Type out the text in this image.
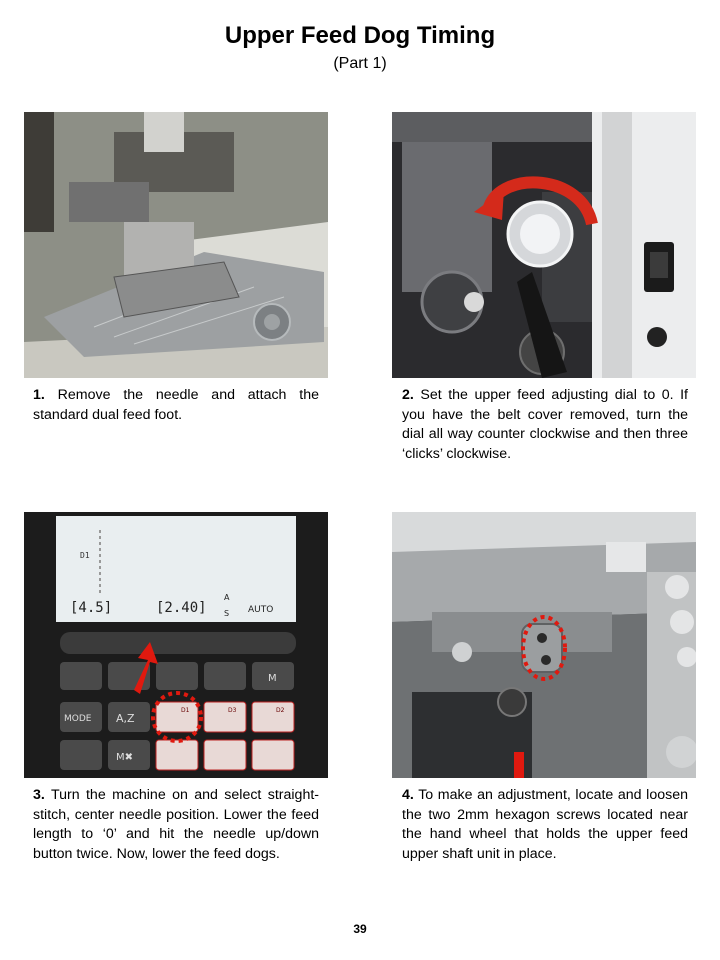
Upper Feed Dog Timing
(Part 1)
D1
[4.5]	[2.40]
A
S AUTO
M
MODE A,Z
D1	D3	D2
M✖
1. Remove the needle and attach the standard dual feed foot.
2. Set the upper feed adjusting dial to 0. If you have the belt cover removed, turn the dial all way counter clockwise and then three ‘clicks’ clockwise.
3. Turn the machine on and select straight-stitch, center needle position. Lower the feed length to ‘0’ and hit the needle up/down button twice. Now, lower the feed dogs.
4. To make an adjustment, locate and loosen the two 2mm hexagon screws located near the hand wheel that holds the upper feed upper shaft unit in place.
39
